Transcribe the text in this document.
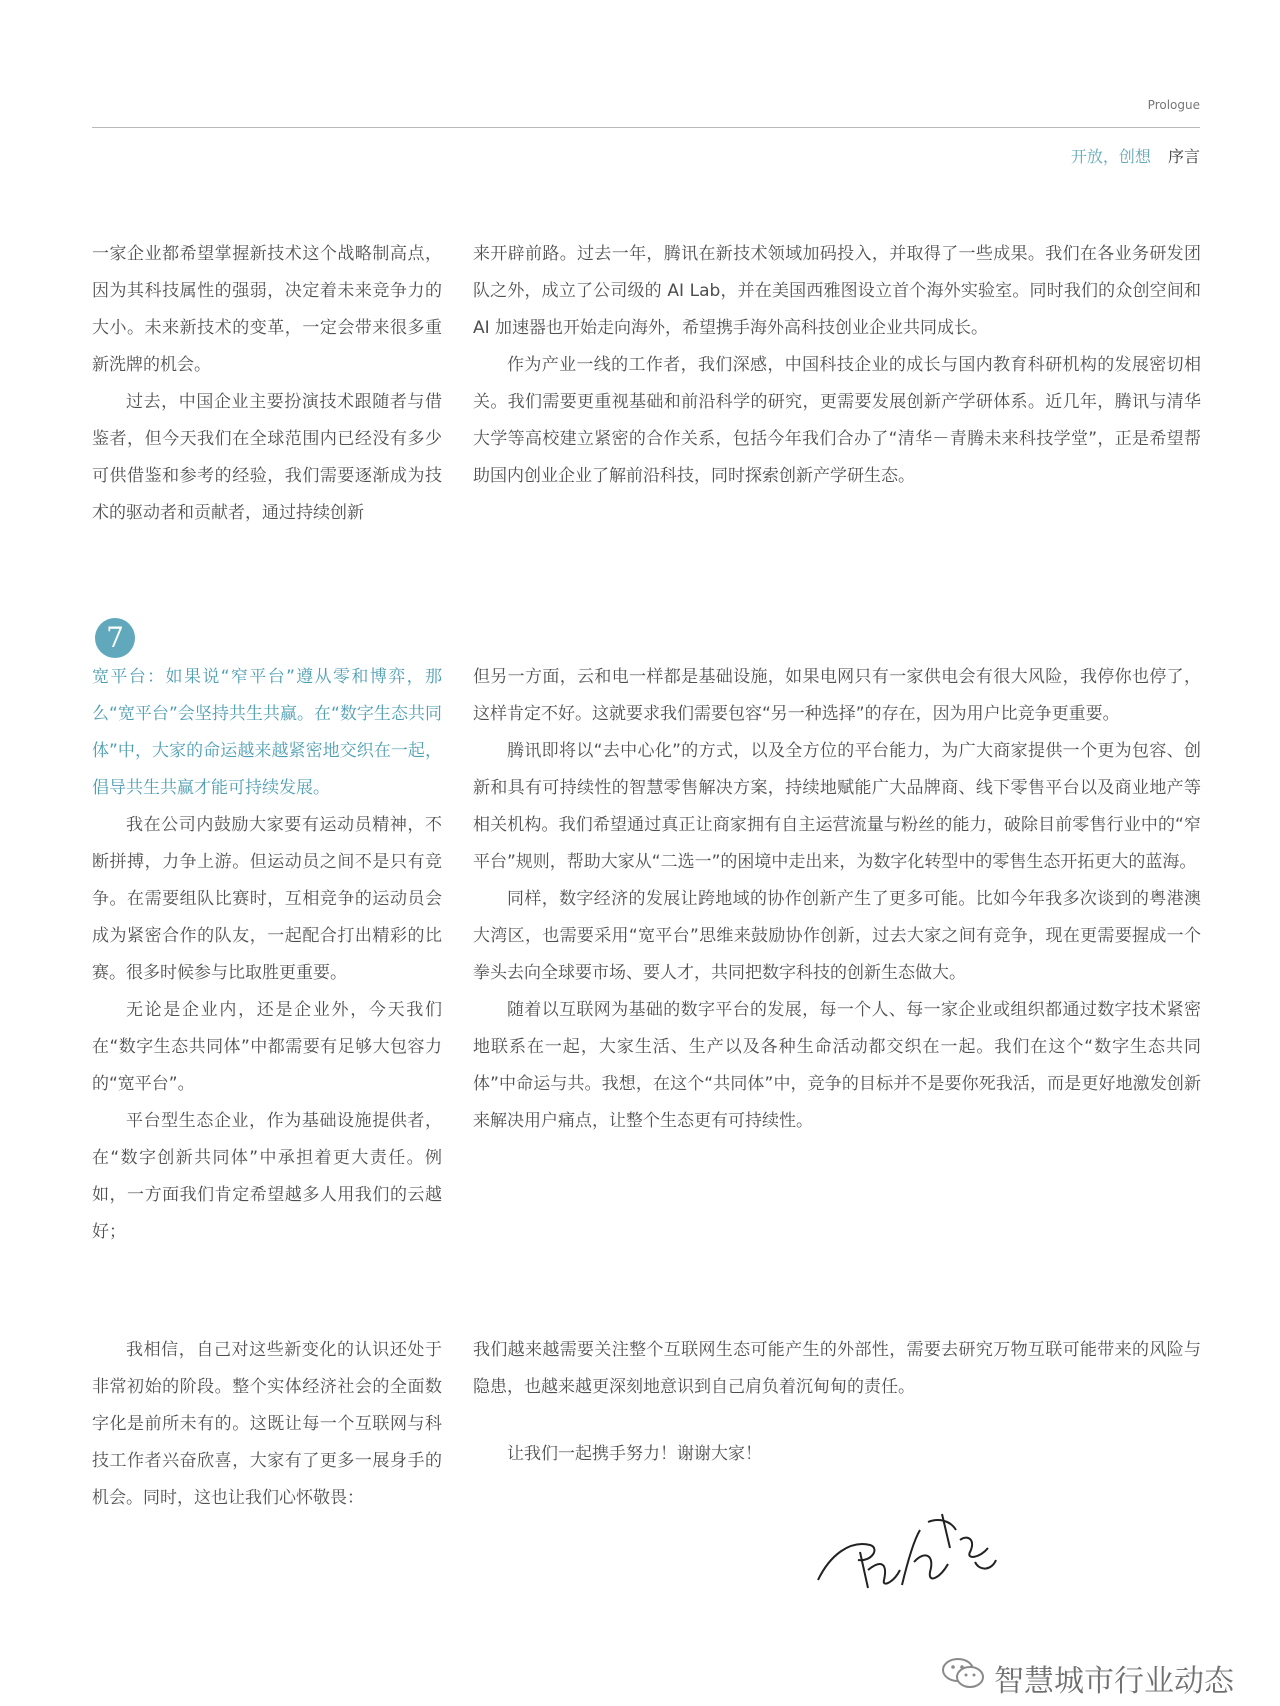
Prologue
开放，创想 序言

一家企业都希望掌握新技术这个战略制高点，因为其科技属性的强弱，决定着未来竞争力的大小。未来新技术的变革，一定会带来很多重新洗牌的机会。

过去，中国企业主要扮演技术跟随者与借鉴者，但今天我们在全球范围内已经没有多少可供借鉴和参考的经验，我们需要逐渐成为技术的驱动者和贡献者，通过持续创新

来开辟前路。过去一年，腾讯在新技术领域加码投入，并取得了一些成果。我们在各业务研发团队之外，成立了公司级的 AI Lab，并在美国西雅图设立首个海外实验室。同时我们的众创空间和 AI 加速器也开始走向海外，希望携手海外高科技创业企业共同成长。

作为产业一线的工作者，我们深感，中国科技企业的成长与国内教育科研机构的发展密切相关。我们需要更重视基础和前沿科学的研究，更需要发展创新产学研体系。近几年，腾讯与清华大学等高校建立紧密的合作关系，包括今年我们合办了“清华－青腾未来科技学堂”，正是希望帮助国内创业企业了解前沿科技，同时探索创新产学研生态。

7

宽平台：如果说“窄平台”遵从零和博弈，那么“宽平台”会坚持共生共赢。在“数字生态共同体”中，大家的命运越来越紧密地交织在一起，倡导共生共赢才能可持续发展。

我在公司内鼓励大家要有运动员精神，不断拼搏，力争上游。但运动员之间不是只有竞争。在需要组队比赛时，互相竞争的运动员会成为紧密合作的队友，一起配合打出精彩的比赛。很多时候参与比取胜更重要。

无论是企业内，还是企业外，今天我们在“数字生态共同体”中都需要有足够大包容力的“宽平台”。

平台型生态企业，作为基础设施提供者，在“数字创新共同体”中承担着更大责任。例如，一方面我们肯定希望越多人用我们的云越好；

但另一方面，云和电一样都是基础设施，如果电网只有一家供电会有很大风险，我停你也停了，这样肯定不好。这就要求我们需要包容“另一种选择”的存在，因为用户比竞争更重要。

腾讯即将以“去中心化”的方式，以及全方位的平台能力，为广大商家提供一个更为包容、创新和具有可持续性的智慧零售解决方案，持续地赋能广大品牌商、线下零售平台以及商业地产等相关机构。我们希望通过真正让商家拥有自主运营流量与粉丝的能力，破除目前零售行业中的“窄平台”规则，帮助大家从“二选一”的困境中走出来，为数字化转型中的零售生态开拓更大的蓝海。

同样，数字经济的发展让跨地域的协作创新产生了更多可能。比如今年我多次谈到的粤港澳大湾区，也需要采用“宽平台”思维来鼓励协作创新，过去大家之间有竞争，现在更需要握成一个拳头去向全球要市场、要人才，共同把数字科技的创新生态做大。

随着以互联网为基础的数字平台的发展，每一个人、每一家企业或组织都通过数字技术紧密地联系在一起，大家生活、生产以及各种生命活动都交织在一起。我们在这个“数字生态共同体”中命运与共。我想，在这个“共同体”中，竞争的目标并不是要你死我活，而是更好地激发创新来解决用户痛点，让整个生态更有可持续性。

我相信，自己对这些新变化的认识还处于非常初始的阶段。整个实体经济社会的全面数字化是前所未有的。这既让每一个互联网与科技工作者兴奋欣喜，大家有了更多一展身手的机会。同时，这也让我们心怀敬畏：

我们越来越需要关注整个互联网生态可能产生的外部性，需要去研究万物互联可能带来的风险与隐患，也越来越更深刻地意识到自己肩负着沉甸甸的责任。

让我们一起携手努力！谢谢大家！

智慧城市行业动态
